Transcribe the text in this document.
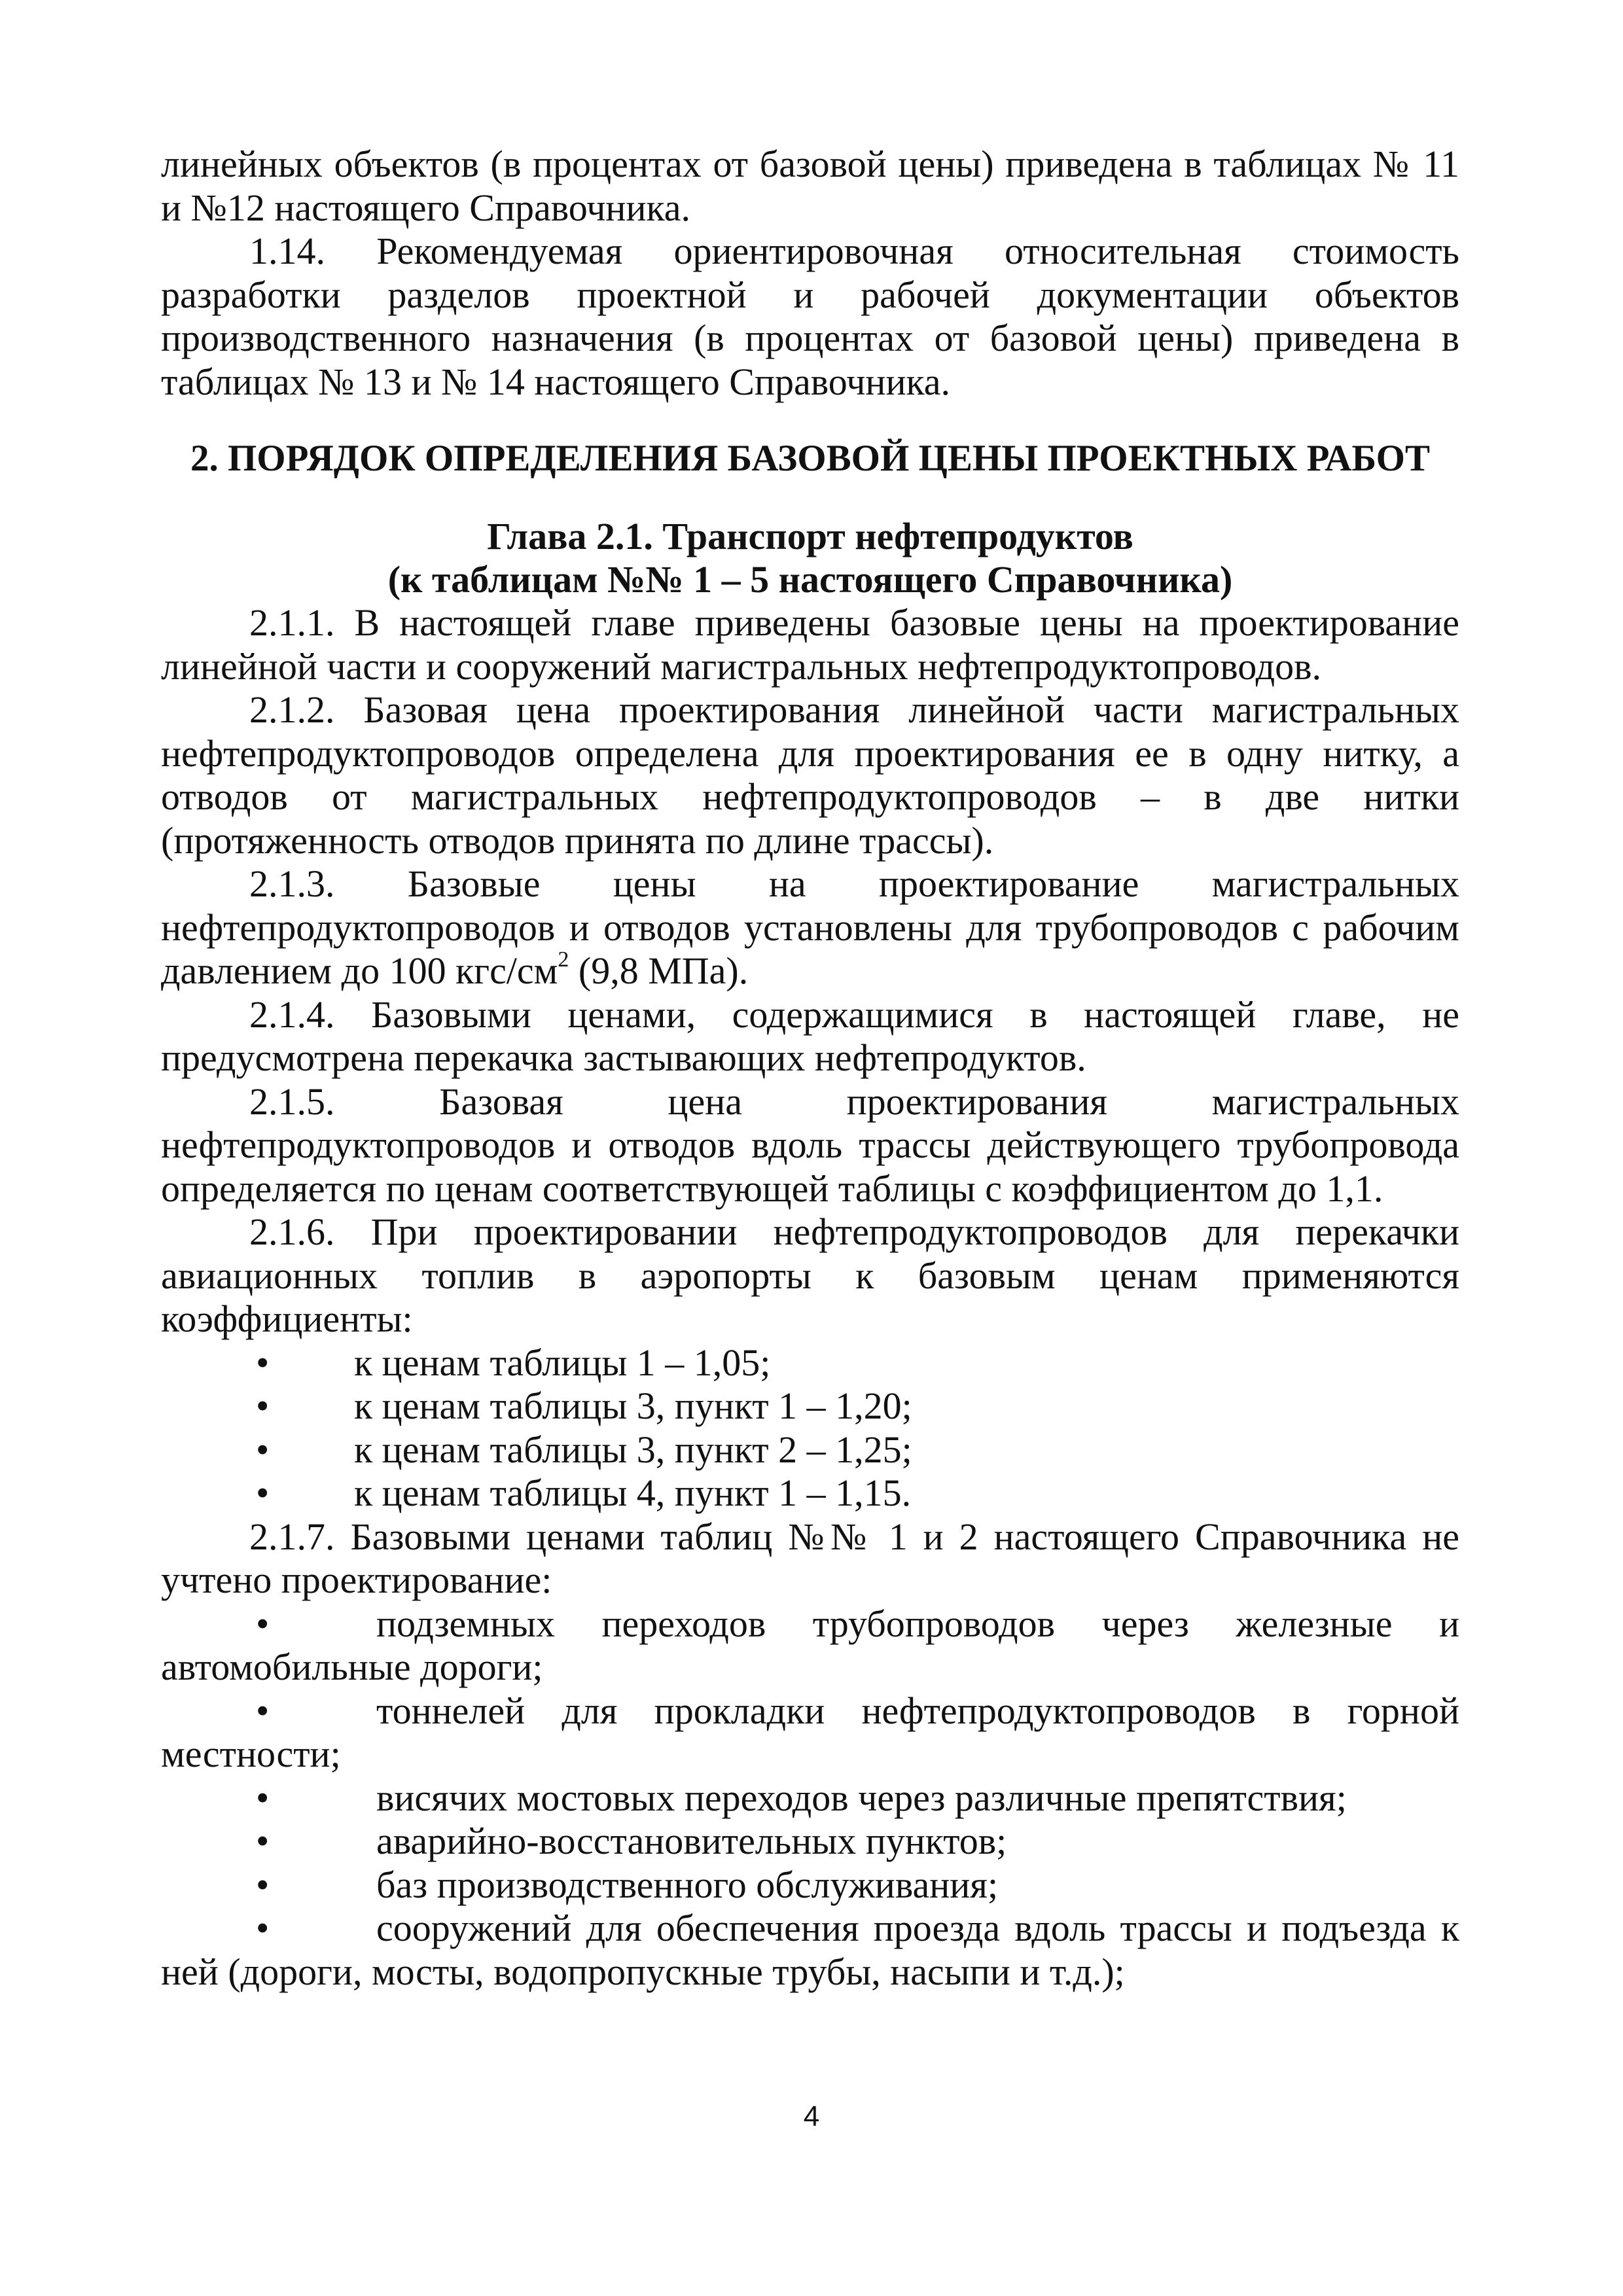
линейных объектов (в процентах от базовой цены) приведена в таблицах № 11 и №12 настоящего Справочника.

1.14. Рекомендуемая ориентировочная относительная стоимость разработки разделов проектной и рабочей документации объектов производственного назначения (в процентах от базовой цены) приведена в таблицах № 13 и № 14 настоящего Справочника.

2. ПОРЯДОК ОПРЕДЕЛЕНИЯ БАЗОВОЙ ЦЕНЫ ПРОЕКТНЫХ РАБОТ

Глава 2.1. Транспорт нефтепродуктов

(к таблицам №№ 1 – 5 настоящего Справочника)

2.1.1. В настоящей главе приведены базовые цены на проектирование линейной части и сооружений магистральных нефтепродуктопроводов.

2.1.2. Базовая цена проектирования линейной части магистральных нефтепродуктопроводов определена для проектирования ее в одну нитку, а отводов от магистральных нефтепродуктопроводов – в две нитки (протяженность отводов принята по длине трассы).

2.1.3. Базовые цены на проектирование магистральных нефтепродуктопроводов и отводов установлены для трубопроводов с рабочим давлением до 100 кгс/$см^2$ (9,8 МПа).

2.1.4. Базовыми ценами, содержащимися в настоящей главе, не предусмотрена перекачка застывающих нефтепродуктов.

2.1.5. Базовая цена проектирования магистральных нефтепродуктопроводов и отводов вдоль трассы действующего трубопровода определяется по ценам соответствующей таблицы с коэффициентом до 1,1.

2.1.6. При проектировании нефтепродуктопроводов для перекачки авиационных топлив в аэропорты к базовым ценам применяются коэффициенты:

•	к ценам таблицы 1 – 1,05;
•	к ценам таблицы 3, пункт 1 – 1,20;
•	к ценам таблицы 3, пункт 2 – 1,25;
•	к ценам таблицы 4, пункт 1 – 1,15.

2.1.7. Базовыми ценами таблиц №№ 1 и 2 настоящего Справочника не учтено проектирование:

•	подземных переходов трубопроводов через железные и автомобильные дороги;

•	тоннелей для прокладки нефтепродуктопроводов в горной местности;

•	висячих мостовых переходов через различные препятствия;

•	аварийно-восстановительных пунктов;

•	баз производственного обслуживания;

•	сооружений для обеспечения проезда вдоль трассы и подъезда к ней (дороги, мосты, водопропускные трубы, насыпи и т.д.);

4
